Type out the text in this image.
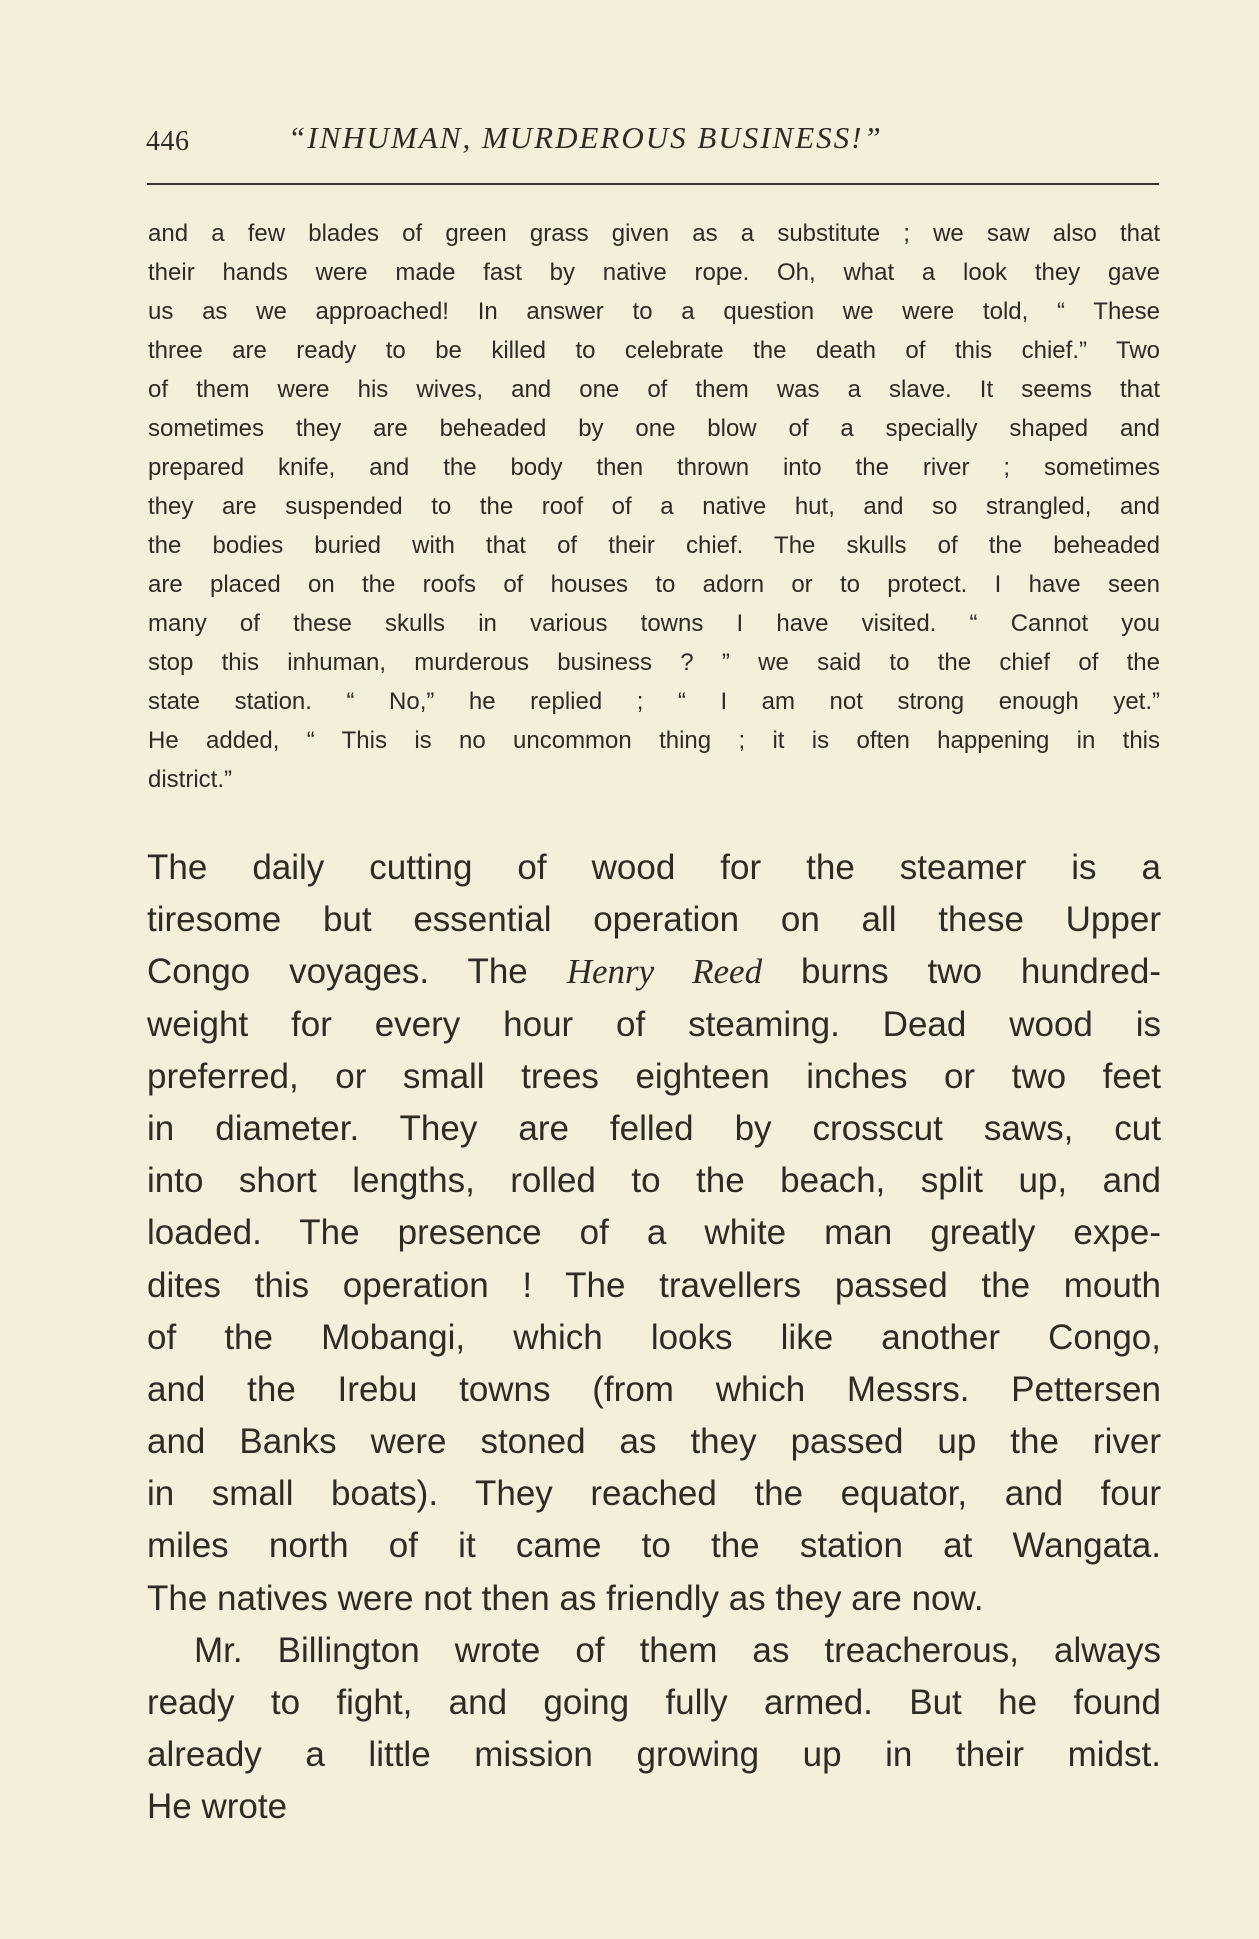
446	“INHUMAN, MURDEROUS BUSINESS!”
and a few blades of green grass given as a substitute ; we saw also that
their hands were made fast by native rope. Oh, what a look they gave
us as we approached! In answer to a question we were told, “ These
three are ready to be killed to celebrate the death of this chief.” Two
of them were his wives, and one of them was a slave. It seems that
sometimes they are beheaded by one blow of a specially shaped and
prepared knife, and the body then thrown into the river ; sometimes
they are suspended to the roof of a native hut, and so strangled, and
the bodies buried with that of their chief. The skulls of the beheaded
are placed on the roofs of houses to adorn or to protect. I have seen
many of these skulls in various towns I have visited. “ Cannot you
stop this inhuman, murderous business ? ” we said to the chief of the
state station. “ No,” he replied ; “ I am not strong enough yet.”
He added, “ This is no uncommon thing ; it is often happening in this
district.”
The daily cutting of wood for the steamer is a
tiresome but essential operation on all these Upper
Congo voyages. The Henry Reed burns two hundred-
weight for every hour of steaming. Dead wood is
preferred, or small trees eighteen inches or two feet
in diameter. They are felled by crosscut saws, cut
into short lengths, rolled to the beach, split up, and
loaded. The presence of a white man greatly expe-
dites this operation ! The travellers passed the mouth
of the Mobangi, which looks like another Congo,
and the Irebu towns (from which Messrs. Pettersen
and Banks were stoned as they passed up the river
in small boats). They reached the equator, and four
miles north of it came to the station at Wangata.
The natives were not then as friendly as they are now.
Mr. Billington wrote of them as treacherous, always
ready to fight, and going fully armed. But he found
already a little mission growing up in their midst.
He wrote
